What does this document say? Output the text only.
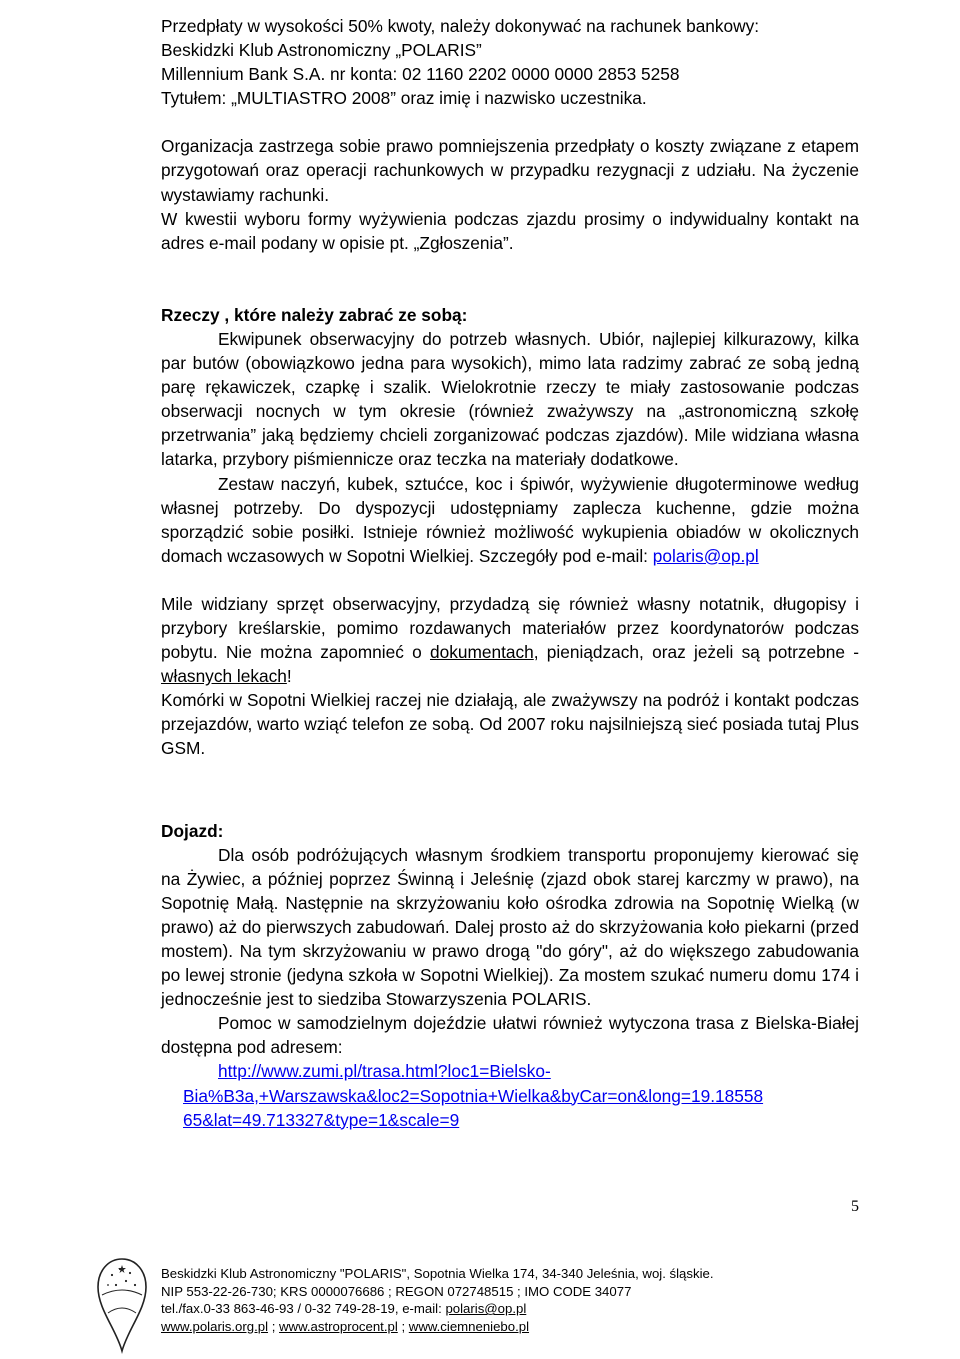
Przedpłaty w wysokości 50% kwoty, należy dokonywać na rachunek bankowy:

Beskidzki Klub Astronomiczny „POLARIS”

Millennium Bank S.A. nr konta: 02 1160 2202 0000 0000 2853 5258

Tytułem: „MULTIASTRO 2008” oraz imię i nazwisko uczestnika.

Organizacja zastrzega sobie prawo pomniejszenia przedpłaty o koszty związane z etapem przygotowań oraz operacji rachunkowych w przypadku rezygnacji z udziału. Na życzenie wystawiamy rachunki.

W kwestii wyboru formy wyżywienia podczas zjazdu prosimy o indywidualny kontakt na adres e-mail podany w opisie pt. „Zgłoszenia”.

Rzeczy , które należy zabrać ze sobą:

Ekwipunek obserwacyjny do potrzeb własnych. Ubiór, najlepiej kilkurazowy, kilka par butów (obowiązkowo jedna para wysokich), mimo lata radzimy zabrać ze sobą jedną parę rękawiczek, czapkę i szalik. Wielokrotnie rzeczy te miały zastosowanie podczas obserwacji nocnych w tym okresie (również zważywszy na „astronomiczną szkołę przetrwania” jaką będziemy chcieli zorganizować podczas zjazdów). Mile widziana własna latarka, przybory piśmiennicze oraz teczka na materiały dodatkowe.

Zestaw naczyń, kubek, sztućce, koc i śpiwór, wyżywienie długoterminowe według własnej potrzeby. Do dyspozycji udostępniamy zaplecza kuchenne, gdzie można sporządzić sobie posiłki. Istnieje również możliwość wykupienia obiadów w okolicznych domach wczasowych w Sopotni Wielkiej. Szczegóły pod e-mail: polaris@op.pl

Mile widziany sprzęt obserwacyjny, przydadzą się również własny notatnik, długopisy i przybory kreślarskie, pomimo rozdawanych materiałów przez koordynatorów podczas pobytu. Nie można zapomnieć o dokumentach, pieniądzach, oraz jeżeli są potrzebne - własnych lekach!

Komórki w Sopotni Wielkiej raczej nie działają, ale zważywszy na podróż i kontakt podczas przejazdów, warto wziąć telefon ze sobą. Od 2007 roku najsilniejszą sieć posiada tutaj Plus GSM.

Dojazd:

Dla osób podróżujących własnym środkiem transportu proponujemy kierować się na Żywiec, a później poprzez Świnną i Jeleśnię (zjazd obok starej karczmy w prawo), na Sopotnię Małą. Następnie na skrzyżowaniu koło ośrodka zdrowia na Sopotnię Wielką (w prawo) aż do pierwszych zabudowań. Dalej prosto aż do skrzyżowania koło piekarni (przed mostem). Na tym skrzyżowaniu w prawo drogą "do góry", aż do większego zabudowania po lewej stronie (jedyna szkoła w Sopotni Wielkiej). Za mostem szukać numeru domu 174 i jednocześnie jest to siedziba Stowarzyszenia POLARIS.

Pomoc w samodzielnym dojeździe ułatwi również wytyczona trasa z Bielska-Białej dostępna pod adresem:

http://www.zumi.pl/trasa.html?loc1=Bielsko-
Bia%B3a,+Warszawska&loc2=Sopotnia+Wielka&byCar=on&long=19.18558
65&lat=49.713327&type=1&scale=9
5
Beskidzki Klub Astronomiczny "POLARIS", Sopotnia Wielka 174, 34-340 Jeleśnia, woj. śląskie.
NIP 553-22-26-730; KRS 0000076686 ; REGON 072748515 ; IMO CODE 34077
tel./fax.0-33 863-46-93 / 0-32 749-28-19, e-mail: polaris@op.pl
www.polaris.org.pl ; www.astroprocent.pl ; www.ciemneniebo.pl
